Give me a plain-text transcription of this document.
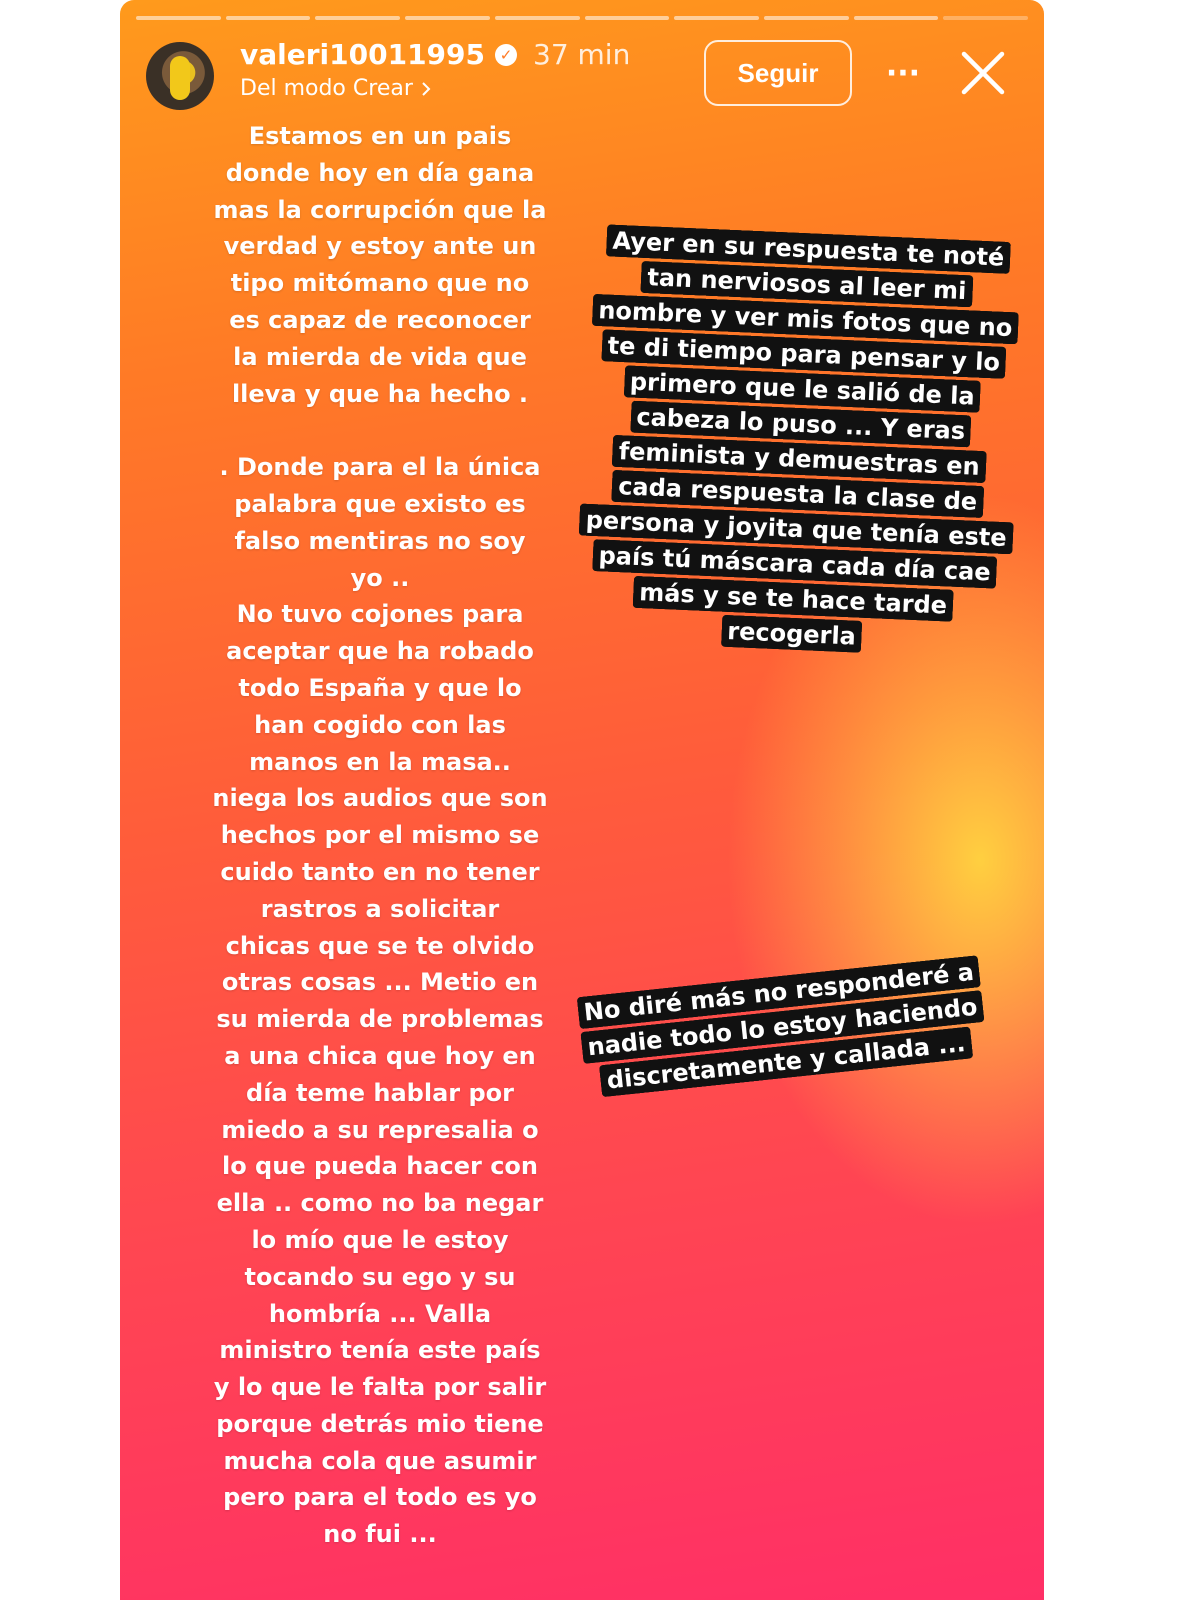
valeri10011995 ✓ 37 min
Del modo Crear
Seguir	···
Estamos en un pais
donde hoy en día gana
mas la corrupción que la
verdad y estoy ante un
tipo mitómano que no
es capaz de reconocer
la mierda de vida que
lleva y que ha hecho .

. Donde para el la única
palabra que existo es
falso mentiras no soy
yo ..
No tuvo cojones para
aceptar que ha robado
todo España y que lo
han cogido con las
manos en la masa..
niega los audios que son
hechos por el mismo se
cuido tanto en no tener
rastros a solicitar
chicas que se te olvido
otras cosas ... Metio en
su mierda de problemas
a una chica que hoy en
día teme hablar por
miedo a su represalia o
lo que pueda hacer con
ella .. como no ba negar
lo mío que le estoy
tocando su ego y su
hombría ... Valla
ministro tenía este país
y lo que le falta por salir
porque detrás mio tiene
mucha cola que asumir
pero para el todo es yo
no fui ...
Ayer en su respuesta te noté
tan nerviosos al leer mi
nombre y ver mis fotos que no
te di tiempo para pensar y lo
primero que le salió de la
cabeza lo puso ... Y eras
feminista y demuestras en
cada respuesta la clase de
persona y joyita que tenía este
país tú máscara cada día cae
más y se te hace tarde
recogerla
No diré más no responderé a
nadie todo lo estoy haciendo
discretamente y callada ...
